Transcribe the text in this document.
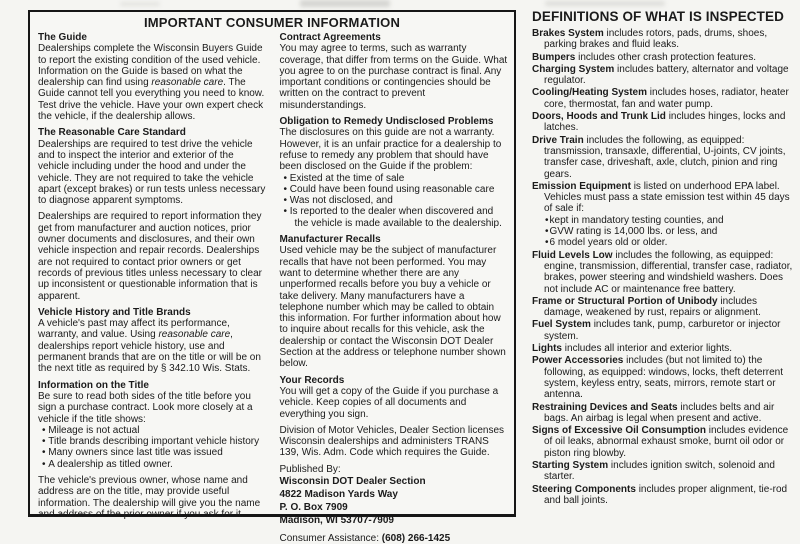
IMPORTANT CONSUMER INFORMATION
The Guide

Dealerships complete the Wisconsin Buyers Guide to report the existing condition of the used vehicle. Information on the Guide is based on what the dealership can find using reasonable care. The Guide cannot tell you everything you need to know. Test drive the vehicle. Have your own expert check the vehicle, if the dealership allows.

The Reasonable Care Standard

Dealerships are required to test drive the vehicle and to inspect the interior and exterior of the vehicle including under the hood and under the vehicle. They are not required to take the vehicle apart (except brakes) or run tests unless necessary to diagnose apparent symptoms.

Dealerships are required to report information they get from manufacturer and auction notices, prior owner documents and disclosures, and their own vehicle inspection and repair records. Dealerships are not required to contact prior owners or get records of previous titles unless necessary to clear up inconsistent or questionable information that is apparent.

Vehicle History and Title Brands

A vehicle's past may affect its performance, warranty, and value. Using reasonable care, dealerships report vehicle history, use and permanent brands that are on the title or will be on the next title as required by § 342.10 Wis. Stats.

Information on the Title

Be sure to read both sides of the title before you sign a purchase contract. Look more closely at a vehicle if the title shows:

• Mileage is not actual
• Title brands describing important vehicle history
• Many owners since last title was issued
• A dealership as titled owner.

The vehicle's previous owner, whose name and address are on the title, may provide useful information. The dealership will give you the name and address of the prior owner if you ask for it.

Contract Agreements

You may agree to terms, such as warranty coverage, that differ from terms on the Guide. What you agree to on the purchase contract is final. Any important conditions or contingencies should be written on the contract to prevent misunderstandings.

Obligation to Remedy Undisclosed Problems

The disclosures on this guide are not a warranty. However, it is an unfair practice for a dealership to refuse to remedy any problem that should have been disclosed on the Guide if the problem:

• Existed at the time of sale
• Could have been found using reasonable care
• Was not disclosed, and
• Is reported to the dealer when discovered and the vehicle is made available to the dealership.
Manufacturer Recalls

Used vehicle may be the subject of manufacturer recalls that have not been performed. You may want to determine whether there are any unperformed recalls before you buy a vehicle or take delivery. Many manufacturers have a telephone number which may be called to obtain this information. For further information about how to inquire about recalls for this vehicle, ask the dealership or contact the Wisconsin DOT Dealer Section at the address or telephone number shown below.

Your Records

You will get a copy of the Guide if you purchase a vehicle. Keep copies of all documents and everything you sign.

Division of Motor Vehicles, Dealer Section licenses Wisconsin dealerships and administers TRANS 139, Wis. Adm. Code which requires the Guide.

Published By:

Wisconsin DOT Dealer Section

4822 Madison Yards Way

P. O. Box 7909

Madison, WI 53707-7909

Consumer Assistance: (608) 266-1425

DEFINITIONS OF WHAT IS INSPECTED
Brakes System includes rotors, pads, drums, shoes, parking brakes and fluid leaks.
Bumpers includes other crash protection features.
Charging System includes battery, alternator and voltage regulator.
Cooling/Heating System includes hoses, radiator, heater core, thermostat, fan and water pump.
Doors, Hoods and Trunk Lid includes hinges, locks and latches.
Drive Train includes the following, as equipped: transmission, transaxle, differential, U-joints, CV joints, transfer case, driveshaft, axle, clutch, pinion and ring gears.
Emission Equipment is listed on underhood EPA label. Vehicles must pass a state emission test within 45 days of sale if:
• kept in mandatory testing counties, and
• GVW rating is 14,000 lbs. or less, and
• 6 model years old or older.
Fluid Levels Low includes the following, as equipped: engine, transmission, differential, transfer case, radiator, brakes, power steering and windshield washers. Does not include AC or maintenance free battery.
Frame or Structural Portion of Unibody includes damage, weakened by rust, repairs or alignment.
Fuel System includes tank, pump, carburetor or injector system.
Lights includes all interior and exterior lights.
Power Accessories includes (but not limited to) the following, as equipped: windows, locks, theft deterrent system, keyless entry, seats, mirrors, remote start or antenna.
Restraining Devices and Seats includes belts and air bags. An airbag is legal when present and active.
Signs of Excessive Oil Consumption includes evidence of oil leaks, abnormal exhaust smoke, burnt oil odor or piston ring blowby.
Starting System includes ignition switch, solenoid and starter.
Steering Components includes proper alignment, tie-rod and ball joints.
